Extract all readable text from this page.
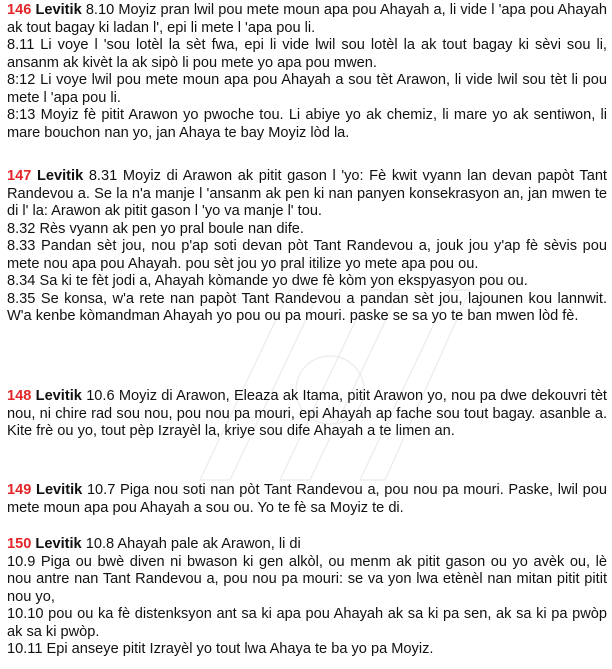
146 Levitik 8.10 Moyiz pran lwil pou mete moun apa pou Ahayah a, li vide l 'apa pou Ahayah ak tout bagay ki ladan l', epi li mete l 'apa pou li.
8.11 Li voye l 'sou lotèl la sèt fwa, epi li vide lwil sou lotèl la ak tout bagay ki sèvi sou li, ansanm ak kivèt la ak sipò li pou mete yo apa pou mwen.
8:12 Li voye lwil pou mete moun apa pou Ahayah a sou tèt Arawon, li vide lwil sou tèt li pou mete l 'apa pou li.
8:13 Moyiz fè pitit Arawon yo pwoche tou. Li abiye yo ak chemiz, li mare yo ak sentiwon, li mare bouchon nan yo, jan Ahaya te bay Moyiz lòd la.
147 Levitik 8.31 Moyiz di Arawon ak pitit gason l 'yo: Fè kwit vyann lan devan papòt Tant Randevou a. Se la n'a manje l 'ansanm ak pen ki nan panyen konsekrasyon an, jan mwen te di l' la: Arawon ak pitit gason l 'yo va manje l' tou.
8.32 Rès vyann ak pen yo pral boule nan dife.
8.33 Pandan sèt jou, nou p'ap soti devan pòt Tant Randevou a, jouk jou y'ap fè sèvis pou mete nou apa pou Ahayah. pou sèt jou yo pral itilize yo mete apa pou ou.
8.34 Sa ki te fèt jodi a, Ahayah kòmande yo dwe fè kòm yon ekspyasyon pou ou.
8.35 Se konsa, w'a rete nan papòt Tant Randevou a pandan sèt jou, lajounen kou lannwit. W'a kenbe kòmandman Ahayah yo pou ou pa mouri. paske se sa yo te ban mwen lòd fè.
148 Levitik 10.6 Moyiz di Arawon, Eleaza ak Itama, pitit Arawon yo, nou pa dwe dekouvri tèt nou, ni chire rad sou nou, pou nou pa mouri, epi Ahayah ap fache sou tout bagay. asanble a. Kite frè ou yo, tout pèp Izrayèl la, kriye sou dife Ahayah a te limen an.
149 Levitik 10.7 Piga nou soti nan pòt Tant Randevou a, pou nou pa mouri. Paske, lwil pou mete moun apa pou Ahayah a sou ou. Yo te fè sa Moyiz te di.
150 Levitik 10.8 Ahayah pale ak Arawon, li di
10.9 Piga ou bwè diven ni bwason ki gen alkòl, ou menm ak pitit gason ou yo avèk ou, lè nou antre nan Tant Randevou a, pou nou pa mouri: se va yon lwa etènèl nan mitan pitit pitit nou yo,
10.10 pou ou ka fè distenksyon ant sa ki apa pou Ahayah ak sa ki pa sen, ak sa ki pa pwòp ak sa ki pwòp.
10.11 Epi anseye pitit Izrayèl yo tout lwa Ahaya te ba yo pa Moyiz.
